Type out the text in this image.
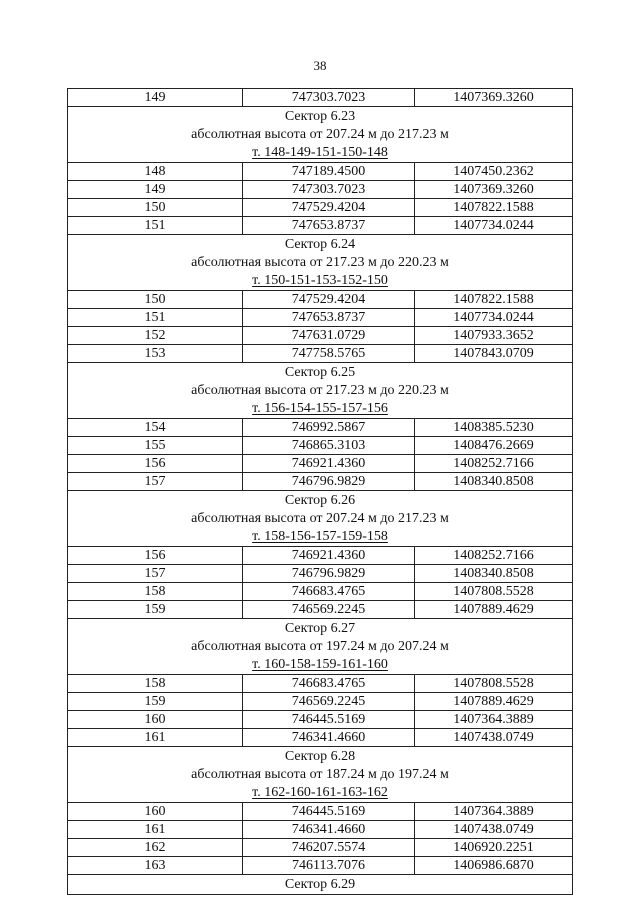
38
149	747303.7023	1407369.3260

Сектор 6.23
абсолютная высота от 207.24 м до 217.23 м
т. 148-149-151-150-148		

148	747189.4500	1407450.2362
149	747303.7023	1407369.3260
150	747529.4204	1407822.1588
151	747653.8737	1407734.0244

Сектор 6.24
абсолютная высота от 217.23 м до 220.23 м
т. 150-151-153-152-150		

150	747529.4204	1407822.1588
151	747653.8737	1407734.0244
152	747631.0729	1407933.3652
153	747758.5765	1407843.0709

Сектор 6.25
абсолютная высота от 217.23 м до 220.23 м
т. 156-154-155-157-156		

154	746992.5867	1408385.5230
155	746865.3103	1408476.2669
156	746921.4360	1408252.7166
157	746796.9829	1408340.8508

Сектор 6.26
абсолютная высота от 207.24 м до 217.23 м
т. 158-156-157-159-158		

156	746921.4360	1408252.7166
157	746796.9829	1408340.8508
158	746683.4765	1407808.5528
159	746569.2245	1407889.4629

Сектор 6.27
абсолютная высота от 197.24 м до 207.24 м
т. 160-158-159-161-160		

158	746683.4765	1407808.5528
159	746569.2245	1407889.4629
160	746445.5169	1407364.3889
161	746341.4660	1407438.0749

Сектор 6.28
абсолютная высота от 187.24 м до 197.24 м
т. 162-160-161-163-162		

160	746445.5169	1407364.3889
161	746341.4660	1407438.0749
162	746207.5574	1406920.2251
163	746113.7076	1406986.6870

Сектор 6.29		
